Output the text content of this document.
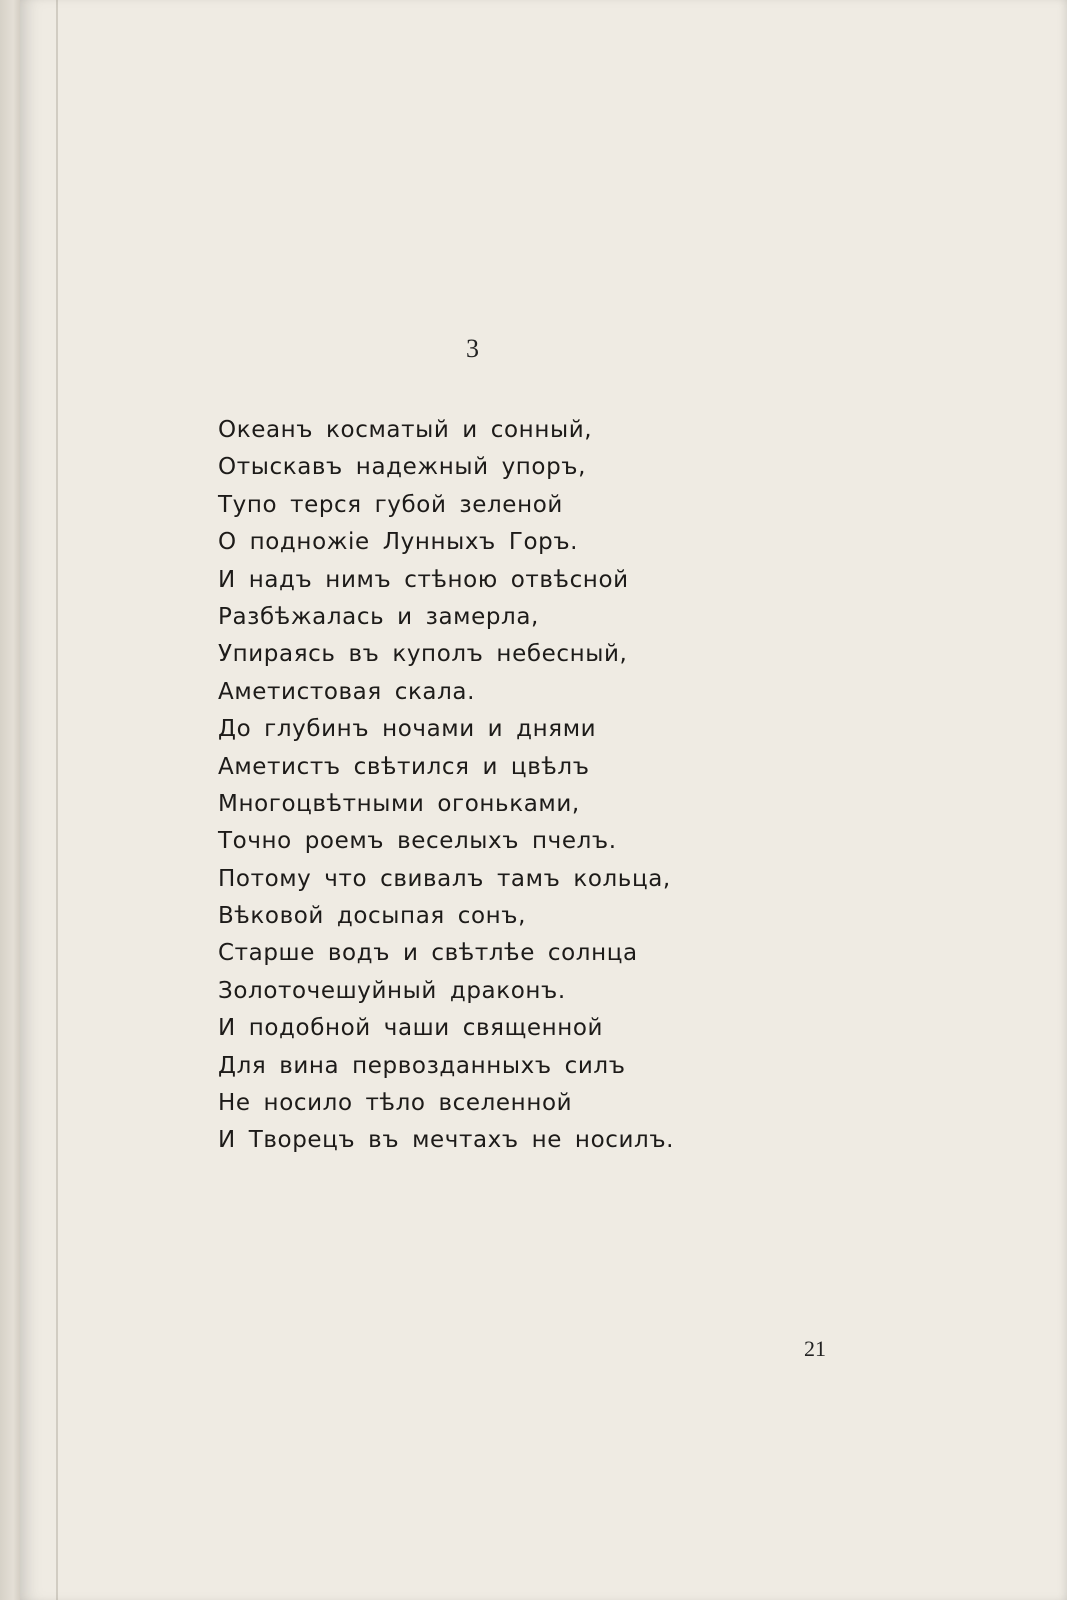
3
Океанъ косматый и сонный,
Отыскавъ надежный упоръ,
Тупо терся губой зеленой
О подножіе Лунныхъ Горъ.
И надъ нимъ стѣною отвѣсной
Разбѣжалась и замерла,
Упираясь въ куполъ небесный,
Аметистовая скала.
До глубинъ ночами и днями
Аметистъ свѣтился и цвѣлъ
Многоцвѣтными огоньками,
Точно роемъ веселыхъ пчелъ.
Потому что свивалъ тамъ кольца,
Вѣковой досыпая сонъ,
Старше водъ и свѣтлѣе солнца
Золоточешуйный драконъ.
И подобной чаши священной
Для вина первозданныхъ силъ
Не носило тѣло вселенной
И Творецъ въ мечтахъ не носилъ.
21
